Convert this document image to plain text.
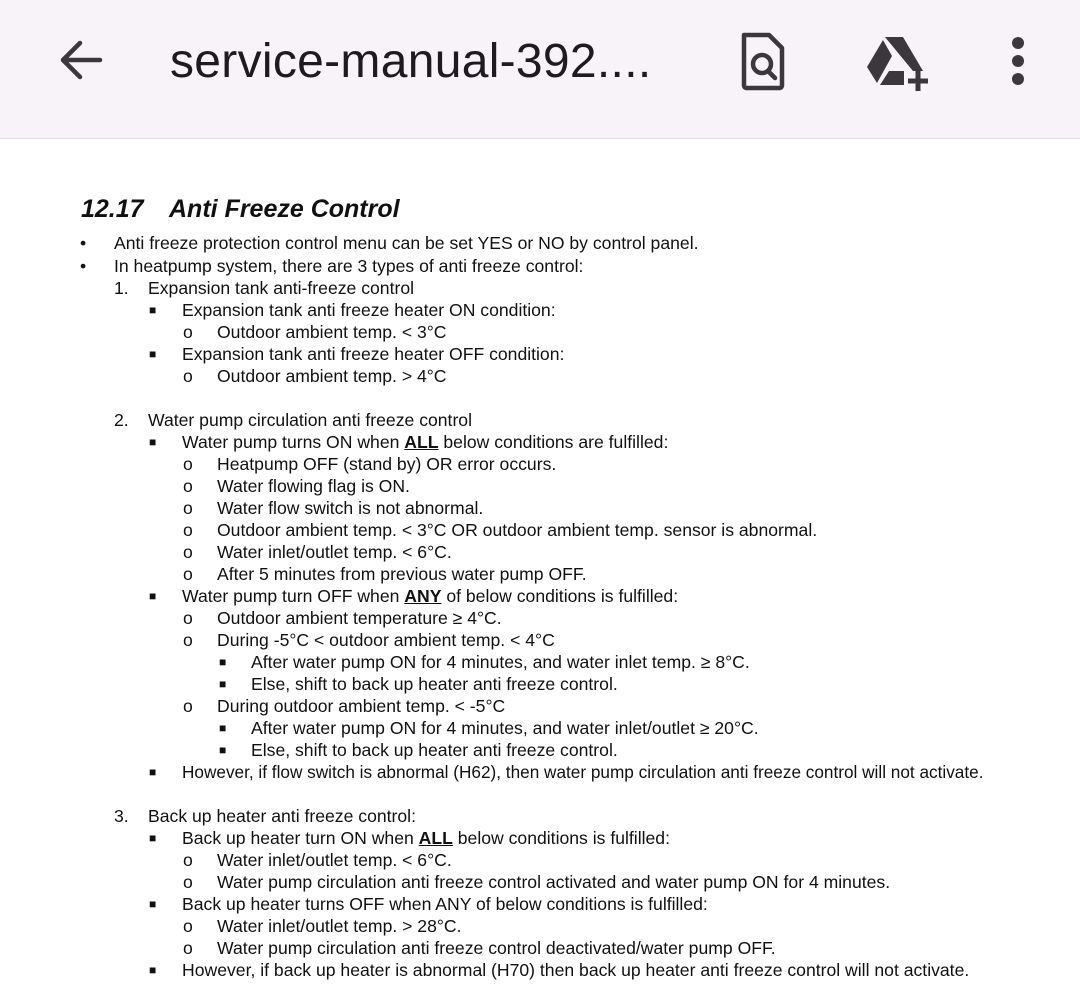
service-manual-392....
12.17 Anti Freeze Control
• Anti freeze protection control menu can be set YES or NO by control panel.
• In heatpump system, there are 3 types of anti freeze control:
1. Expansion tank anti-freeze control
■ Expansion tank anti freeze heater ON condition:
o Outdoor ambient temp. < 3°C
■ Expansion tank anti freeze heater OFF condition:
o Outdoor ambient temp. > 4°C
2. Water pump circulation anti freeze control
■ Water pump turns ON when ALL below conditions are fulfilled:
o Heatpump OFF (stand by) OR error occurs.
o Water flowing flag is ON.
o Water flow switch is not abnormal.
o Outdoor ambient temp. < 3°C OR outdoor ambient temp. sensor is abnormal.
o Water inlet/outlet temp. < 6°C.
o After 5 minutes from previous water pump OFF.
■ Water pump turn OFF when ANY of below conditions is fulfilled:
o Outdoor ambient temperature ≥ 4°C.
o During -5°C < outdoor ambient temp. < 4°C
■ After water pump ON for 4 minutes, and water inlet temp. ≥ 8°C.
■ Else, shift to back up heater anti freeze control.
o During outdoor ambient temp. < -5°C
■ After water pump ON for 4 minutes, and water inlet/outlet ≥ 20°C.
■ Else, shift to back up heater anti freeze control.
■ However, if flow switch is abnormal (H62), then water pump circulation anti freeze control will not activate.
3. Back up heater anti freeze control:
■ Back up heater turn ON when ALL below conditions is fulfilled:
o Water inlet/outlet temp. < 6°C.
o Water pump circulation anti freeze control activated and water pump ON for 4 minutes.
■ Back up heater turns OFF when ANY of below conditions is fulfilled:
o Water inlet/outlet temp. > 28°C.
o Water pump circulation anti freeze control deactivated/water pump OFF.
■ However, if back up heater is abnormal (H70) then back up heater anti freeze control will not activate.
